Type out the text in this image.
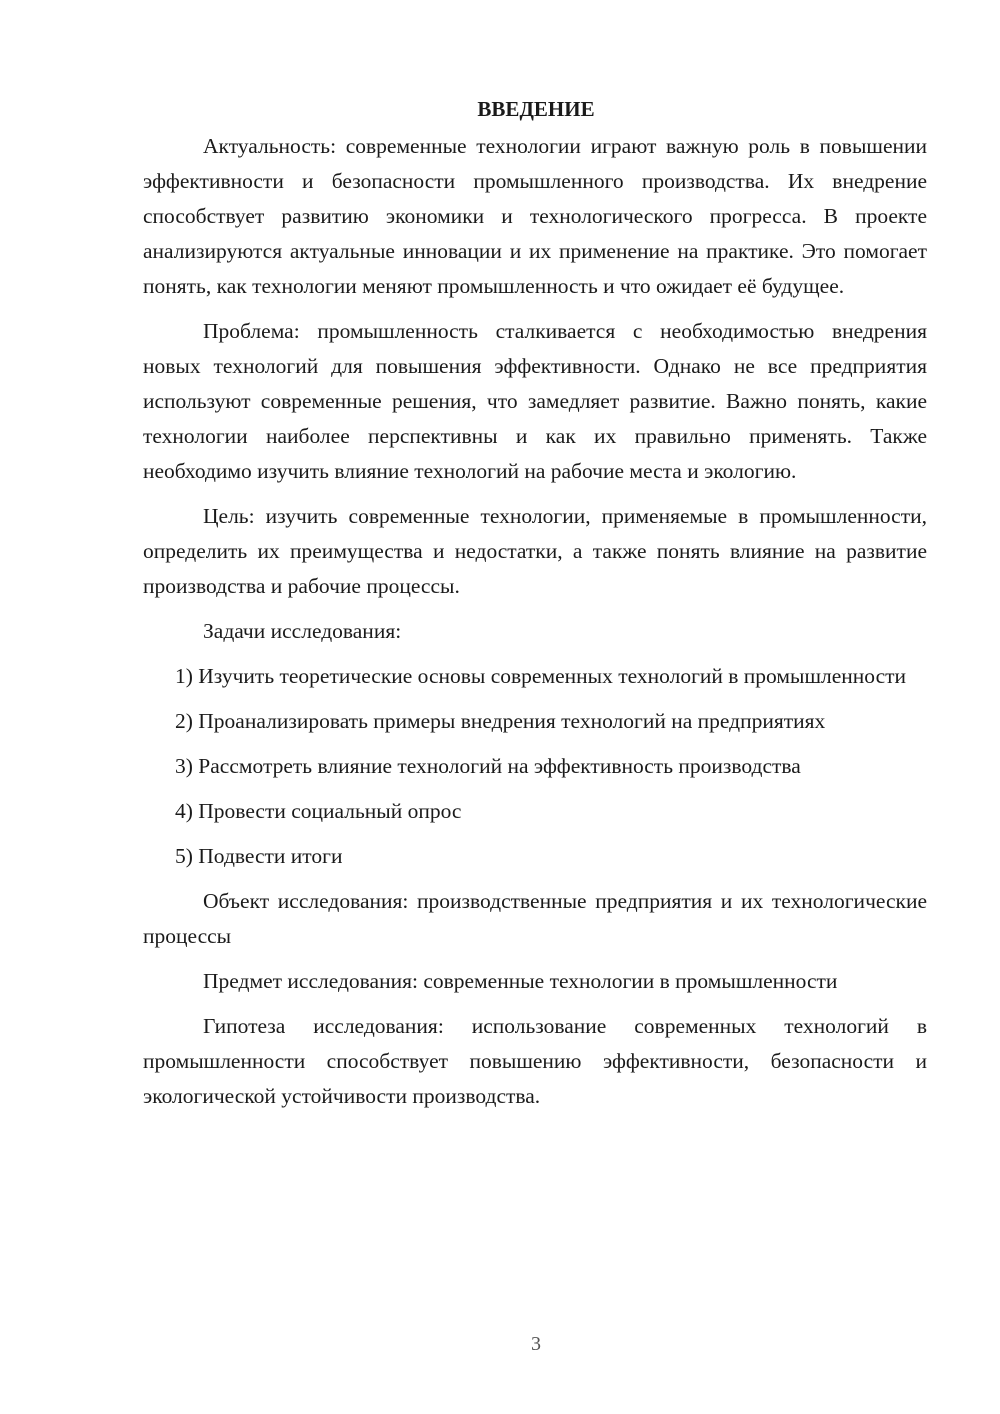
ВВЕДЕНИЕ

Актуальность: современные технологии играют важную роль в повышении эффективности и безопасности промышленного производства. Их внедрение способствует развитию экономики и технологического прогресса. В проекте анализируются актуальные инновации и их применение на практике. Это помогает понять, как технологии меняют промышленность и что ожидает её будущее.

Проблема: промышленность сталкивается с необходимостью внедрения новых технологий для повышения эффективности. Однако не все предприятия используют современные решения, что замедляет развитие. Важно понять, какие технологии наиболее перспективны и как их правильно применять. Также необходимо изучить влияние технологий на рабочие места и экологию.

Цель: изучить современные технологии, применяемые в промышленности, определить их преимущества и недостатки, а также понять влияние на развитие производства и рабочие процессы.

Задачи исследования:

1) Изучить теоретические основы современных технологий в промышленности

2) Проанализировать примеры внедрения технологий на предприятиях

3) Рассмотреть влияние технологий на эффективность производства

4) Провести социальный опрос

5) Подвести итоги

Объект исследования: производственные предприятия и их технологические процессы

Предмет исследования: современные технологии в промышленности

Гипотеза исследования: использование современных технологий в промышленности способствует повышению эффективности, безопасности и экологической устойчивости производства.

3
